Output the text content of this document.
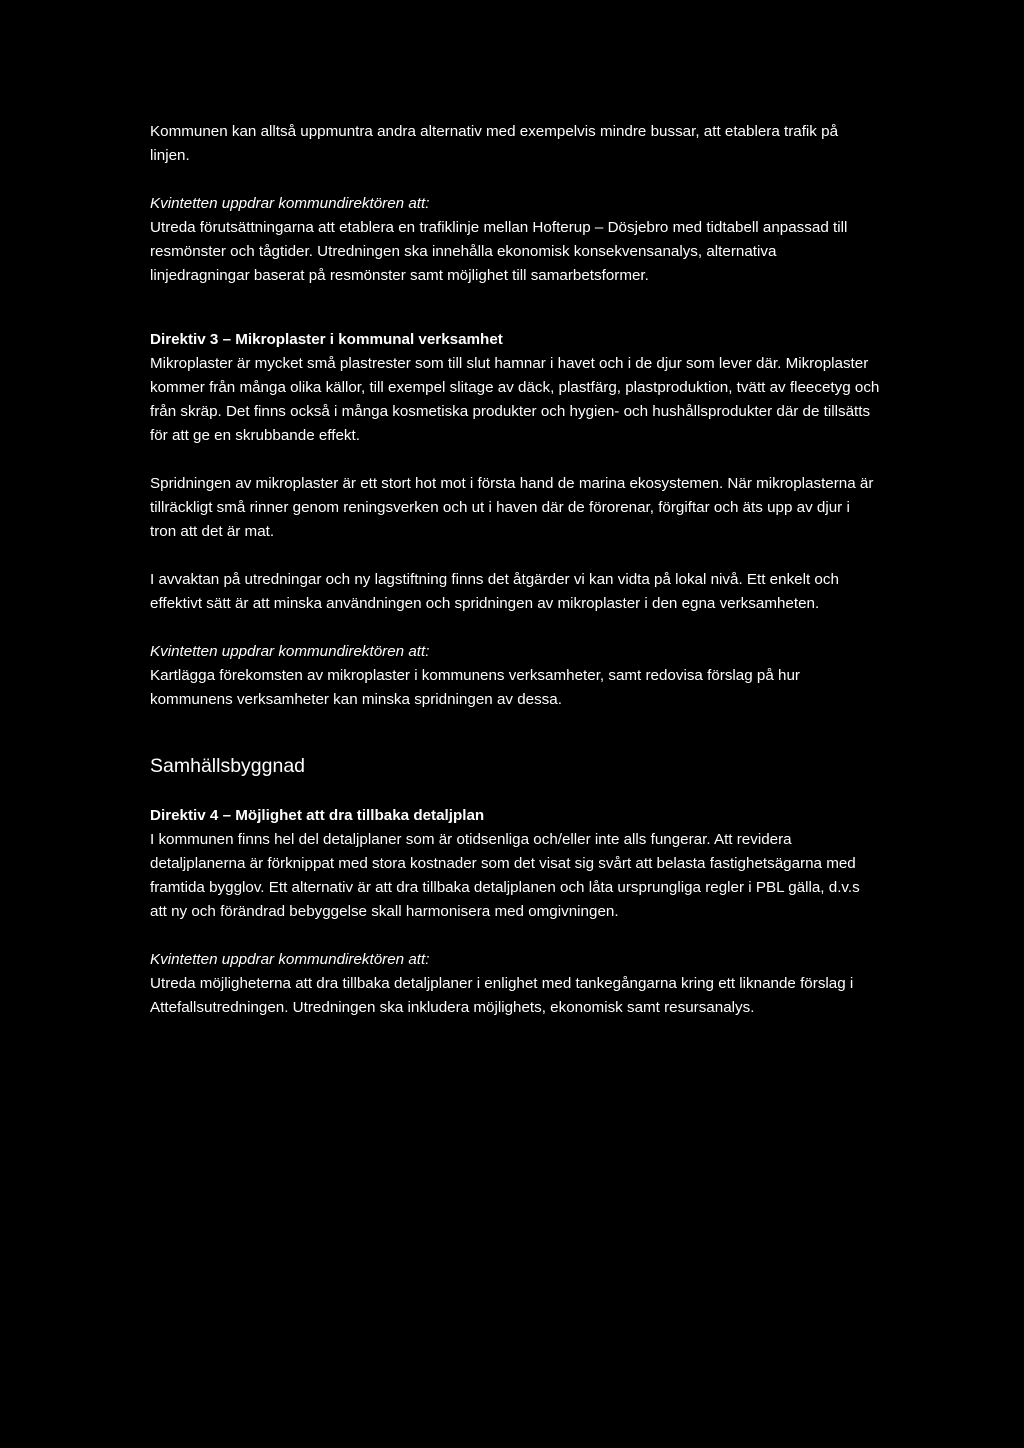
Kommunen kan alltså uppmuntra andra alternativ med exempelvis mindre bussar, att etablera trafik på linjen.

Kvintetten uppdrar kommundirektören att:

Utreda förutsättningarna att etablera en trafiklinje mellan Hofterup – Dösjebro med tidtabell anpassad till resmönster och tågtider. Utredningen ska innehålla ekonomisk konsekvensanalys, alternativa linjedragningar baserat på resmönster samt möjlighet till samarbetsformer.

Direktiv 3 – Mikroplaster i kommunal verksamhet

Mikroplaster är mycket små plastrester som till slut hamnar i havet och i de djur som lever där. Mikroplaster kommer från många olika källor, till exempel slitage av däck, plastfärg, plastproduktion, tvätt av fleecetyg och från skräp. Det finns också i många kosmetiska produkter och hygien- och hushållsprodukter där de tillsätts för att ge en skrubbande effekt.

Spridningen av mikroplaster är ett stort hot mot i första hand de marina ekosystemen. När mikroplasterna är tillräckligt små rinner genom reningsverken och ut i haven där de förorenar, förgiftar och äts upp av djur i tron att det är mat.

I avvaktan på utredningar och ny lagstiftning finns det åtgärder vi kan vidta på lokal nivå. Ett enkelt och effektivt sätt är att minska användningen och spridningen av mikroplaster i den egna verksamheten.

Kvintetten uppdrar kommundirektören att:

Kartlägga förekomsten av mikroplaster i kommunens verksamheter, samt redovisa förslag på hur kommunens verksamheter kan minska spridningen av dessa.

Samhällsbyggnad

Direktiv 4 – Möjlighet att dra tillbaka detaljplan

I kommunen finns hel del detaljplaner som är otidsenliga och/eller inte alls fungerar. Att revidera detaljplanerna är förknippat med stora kostnader som det visat sig svårt att belasta fastighetsägarna med framtida bygglov. Ett alternativ är att dra tillbaka detaljplanen och låta ursprungliga regler i PBL gälla, d.v.s att ny och förändrad bebyggelse skall harmonisera med omgivningen.

Kvintetten uppdrar kommundirektören att:

Utreda möjligheterna att dra tillbaka detaljplaner i enlighet med tankegångarna kring ett liknande förslag i Attefallsutredningen. Utredningen ska inkludera möjlighets, ekonomisk samt resursanalys.
